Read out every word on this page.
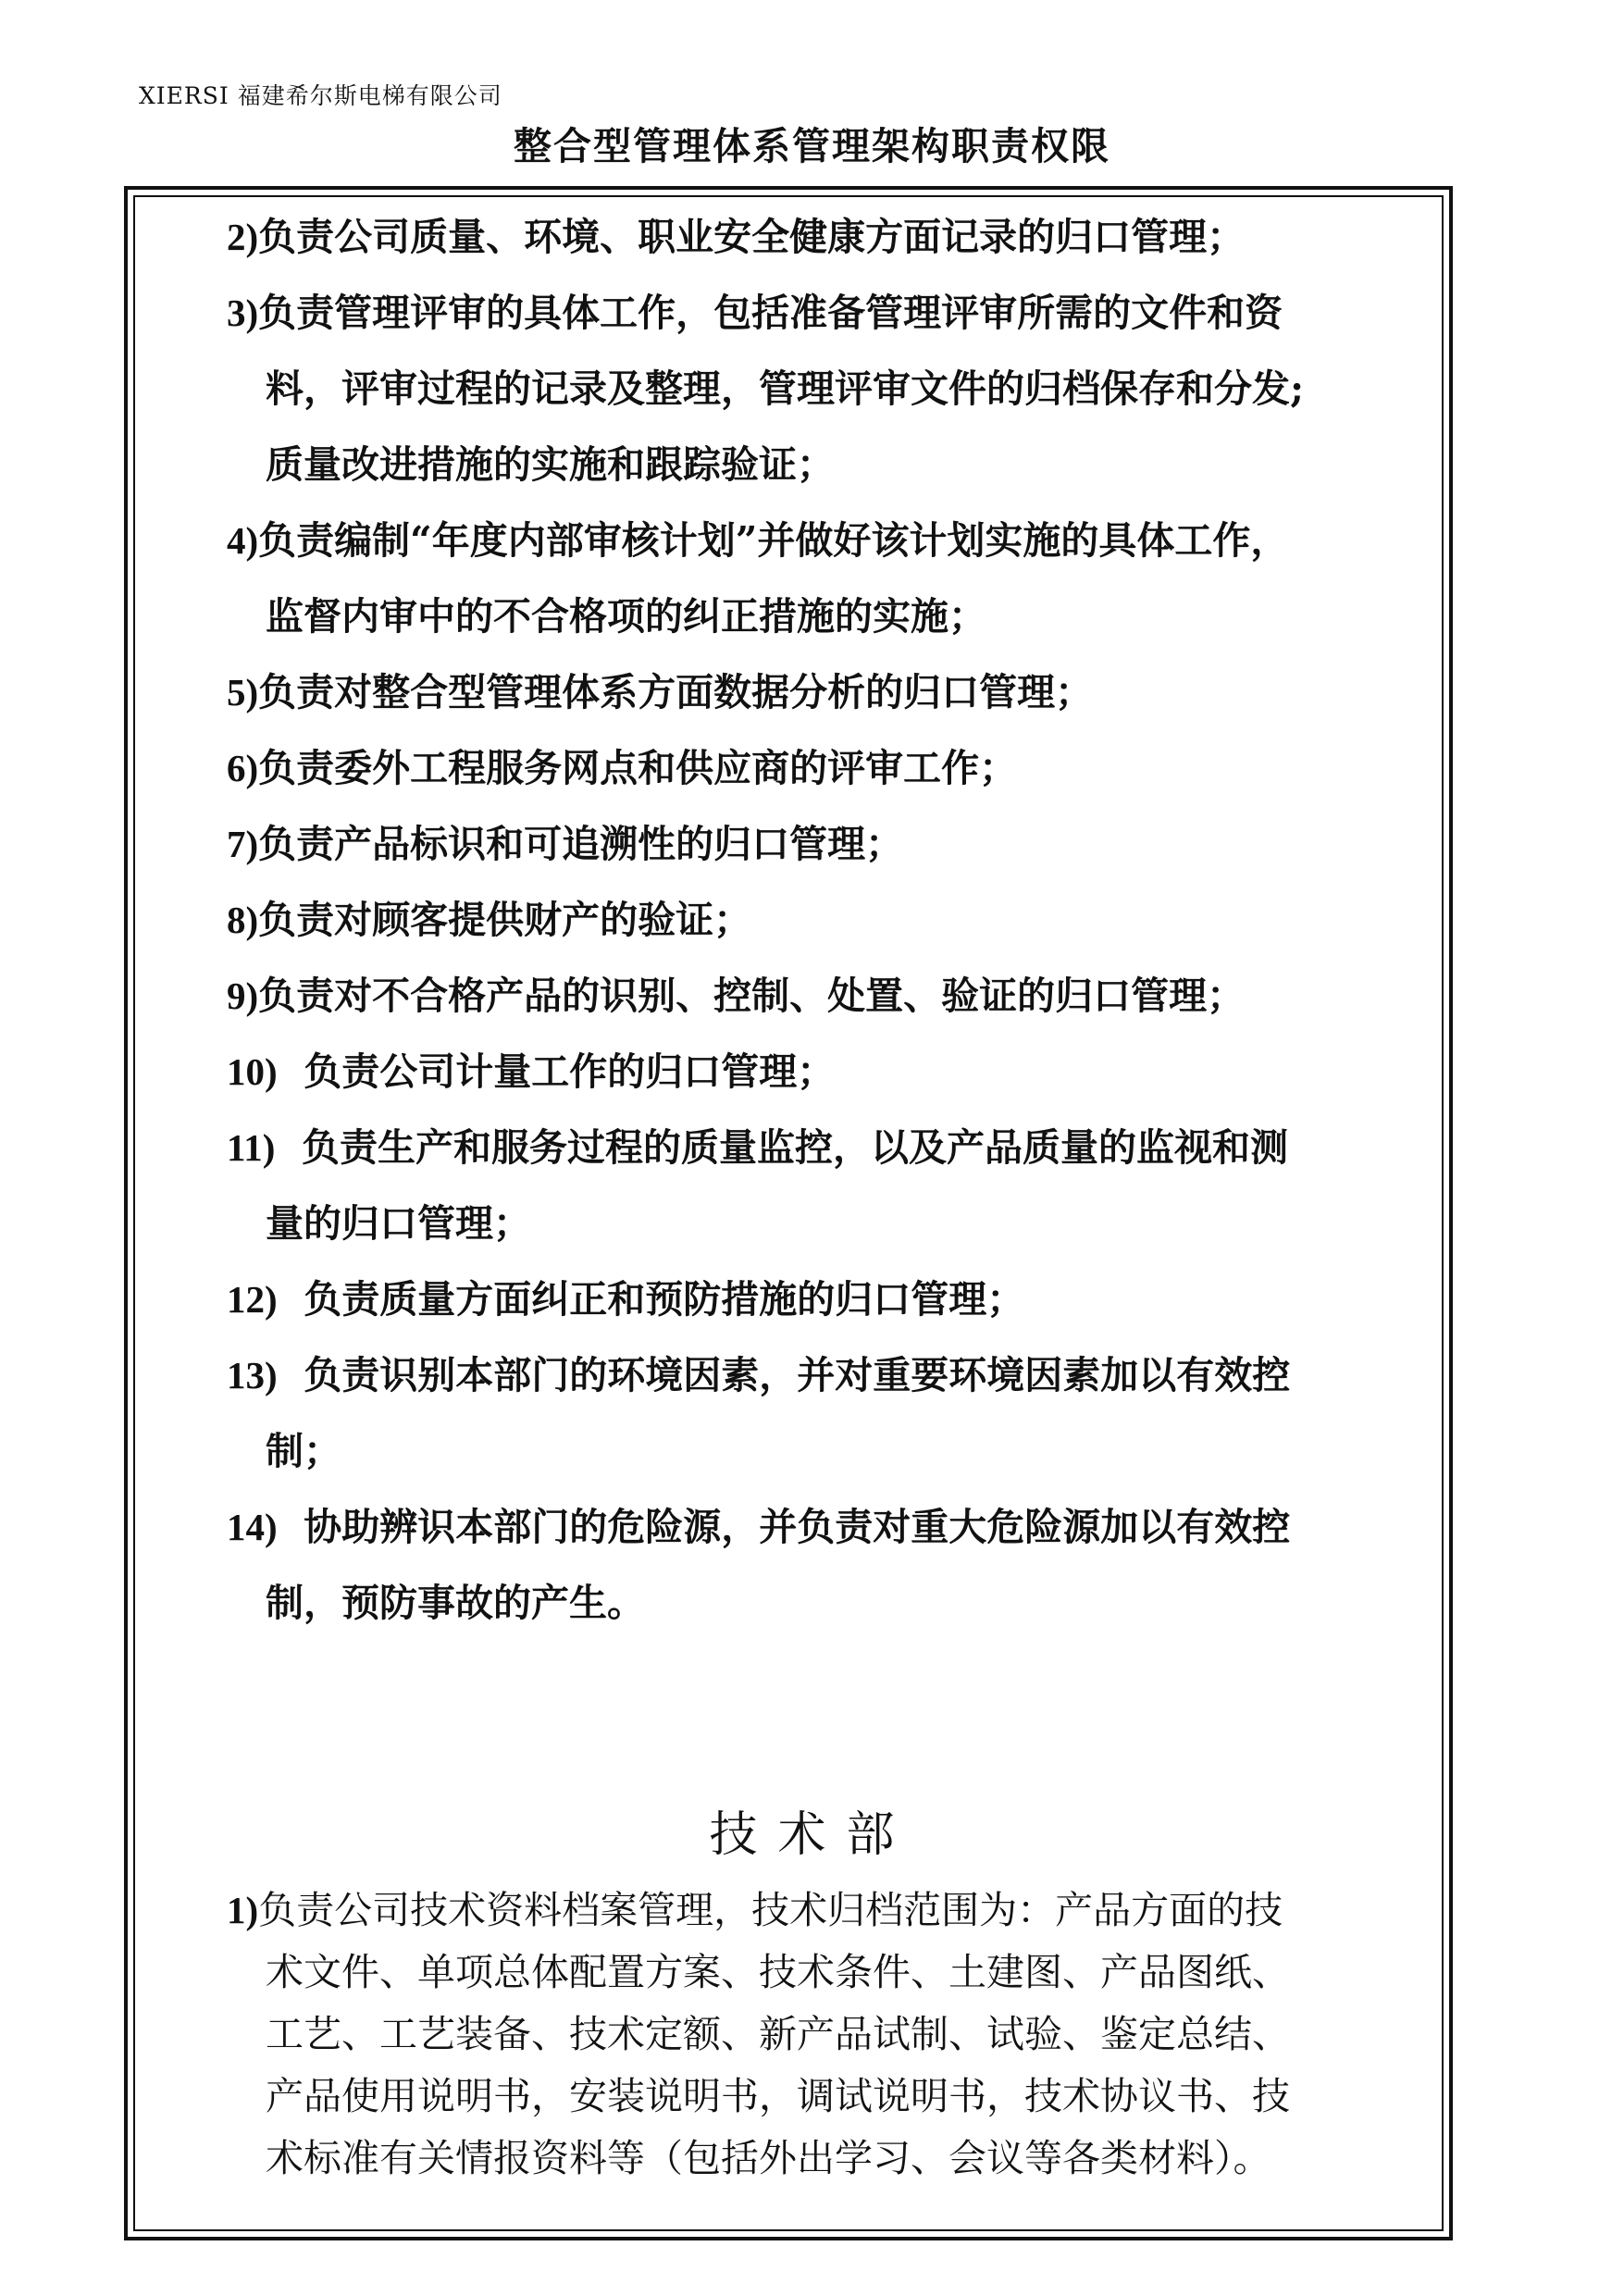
XIERSI 福建希尔斯电梯有限公司
整合型管理体系管理架构职责权限
2)负责公司质量、环境、职业安全健康方面记录的归口管理；
3)负责管理评审的具体工作，包括准备管理评审所需的文件和资
料，评审过程的记录及整理，管理评审文件的归档保存和分发;
质量改进措施的实施和跟踪验证；
4)负责编制“年度内部审核计划”并做好该计划实施的具体工作，
监督内审中的不合格项的纠正措施的实施；
5)负责对整合型管理体系方面数据分析的归口管理；
6)负责委外工程服务网点和供应商的评审工作；
7)负责产品标识和可追溯性的归口管理；
8)负责对顾客提供财产的验证；
9)负责对不合格产品的识别、控制、处置、验证的归口管理；
10) 负责公司计量工作的归口管理；
11) 负责生产和服务过程的质量监控，以及产品质量的监视和测
量的归口管理；
12) 负责质量方面纠正和预防措施的归口管理；
13) 负责识别本部门的环境因素，并对重要环境因素加以有效控
制；
14) 协助辨识本部门的危险源，并负责对重大危险源加以有效控
制，预防事故的产生。
技术部
1)负责公司技术资料档案管理，技术归档范围为：产品方面的技
术文件、单项总体配置方案、技术条件、土建图、产品图纸、
工艺、工艺装备、技术定额、新产品试制、试验、鉴定总结、
产品使用说明书，安装说明书，调试说明书，技术协议书、技
术标准有关情报资料等（包括外出学习、会议等各类材料）。
